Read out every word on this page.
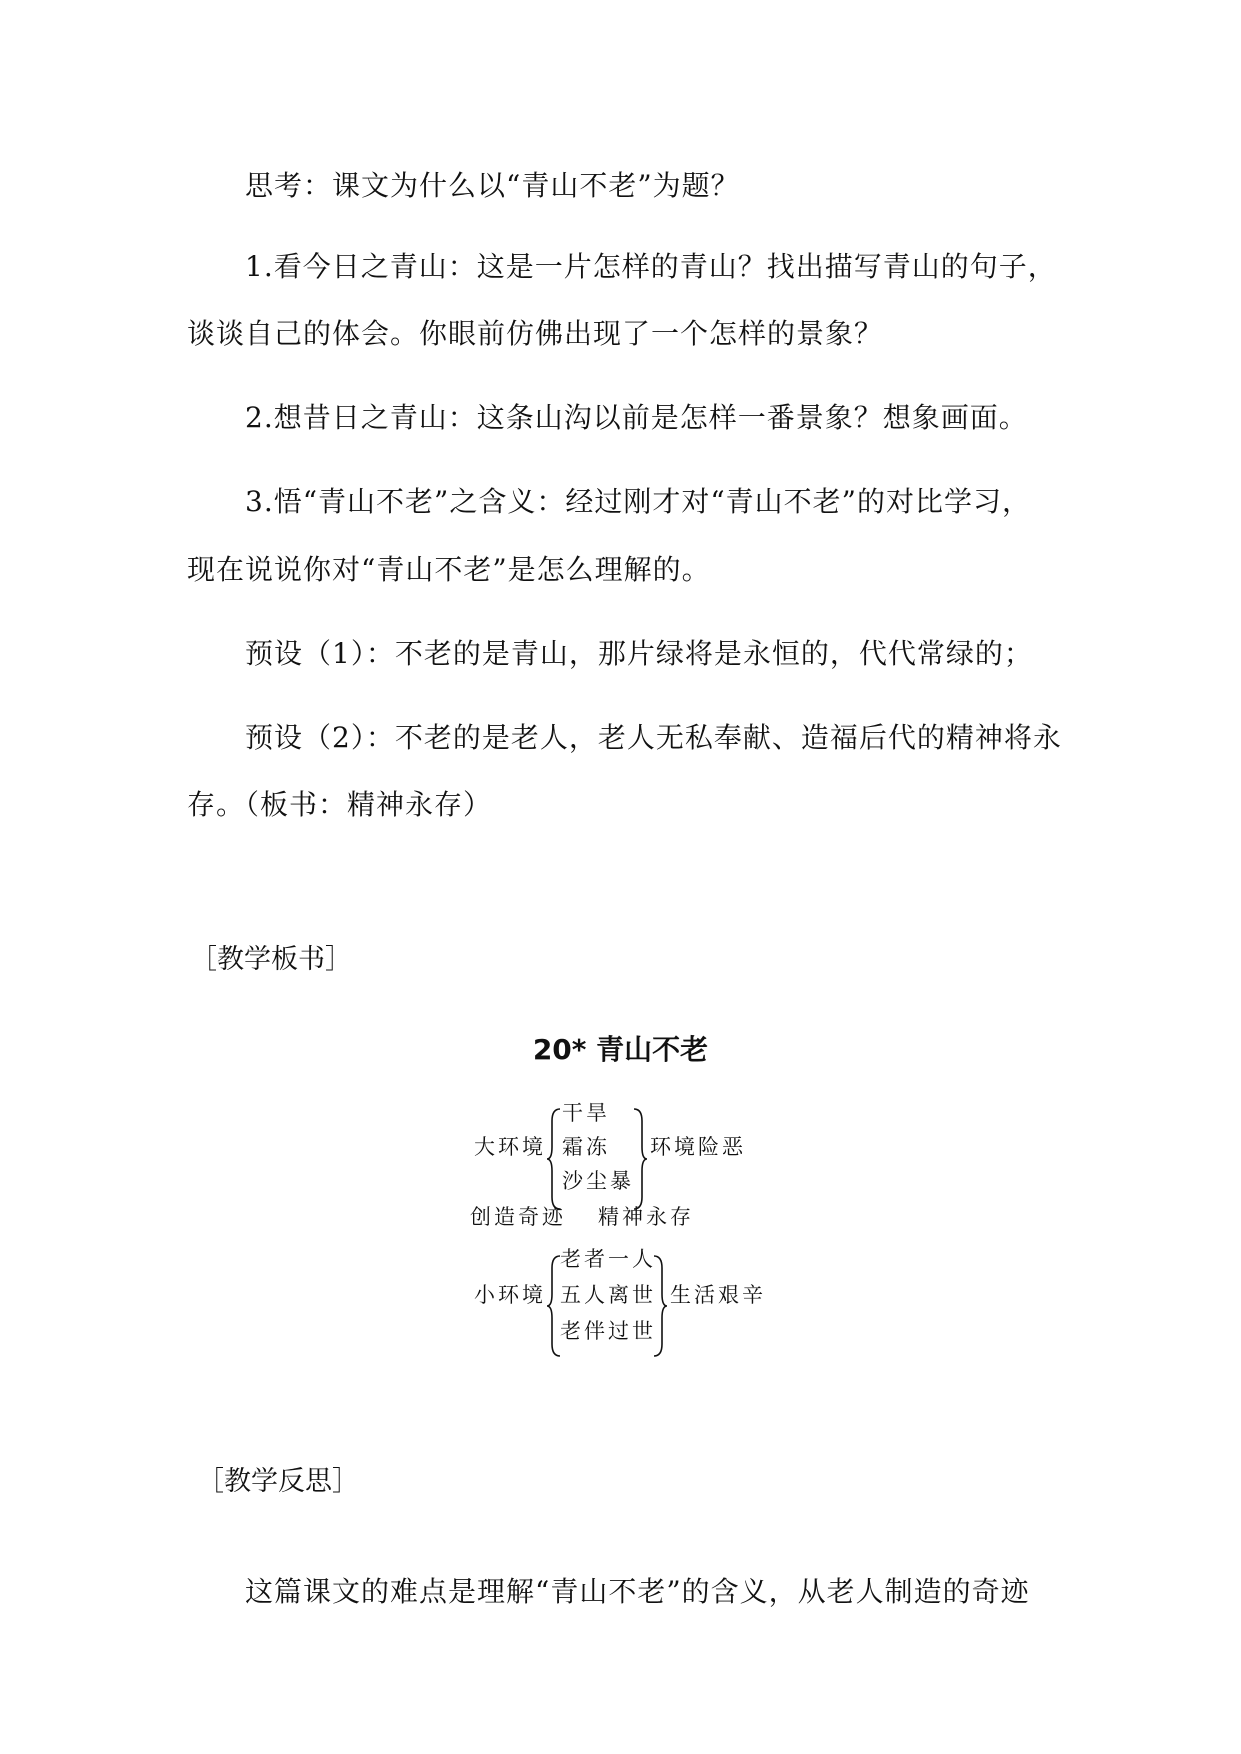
思考：课文为什么以“青山不老”为题？
1.看今日之青山：这是一片怎样的青山？找出描写青山的句子，
谈谈自己的体会。你眼前仿佛出现了一个怎样的景象？
2.想昔日之青山：这条山沟以前是怎样一番景象？想象画面。
3.悟“青山不老”之含义：经过刚才对“青山不老”的对比学习，
现在说说你对“青山不老”是怎么理解的。
预设（1）：不老的是青山，那片绿将是永恒的，代代常绿的；
预设（2）：不老的是老人，老人无私奉献、造福后代的精神将永
存。（板书：精神永存）
［教学板书］
20* 青山不老
大环境
干旱
霜冻
沙尘暴
环境险恶
创造奇迹 精神永存
小环境
老者一人
五人离世
老伴过世
生活艰辛
［教学反思］
这篇课文的难点是理解“青山不老”的含义，从老人制造的奇迹
